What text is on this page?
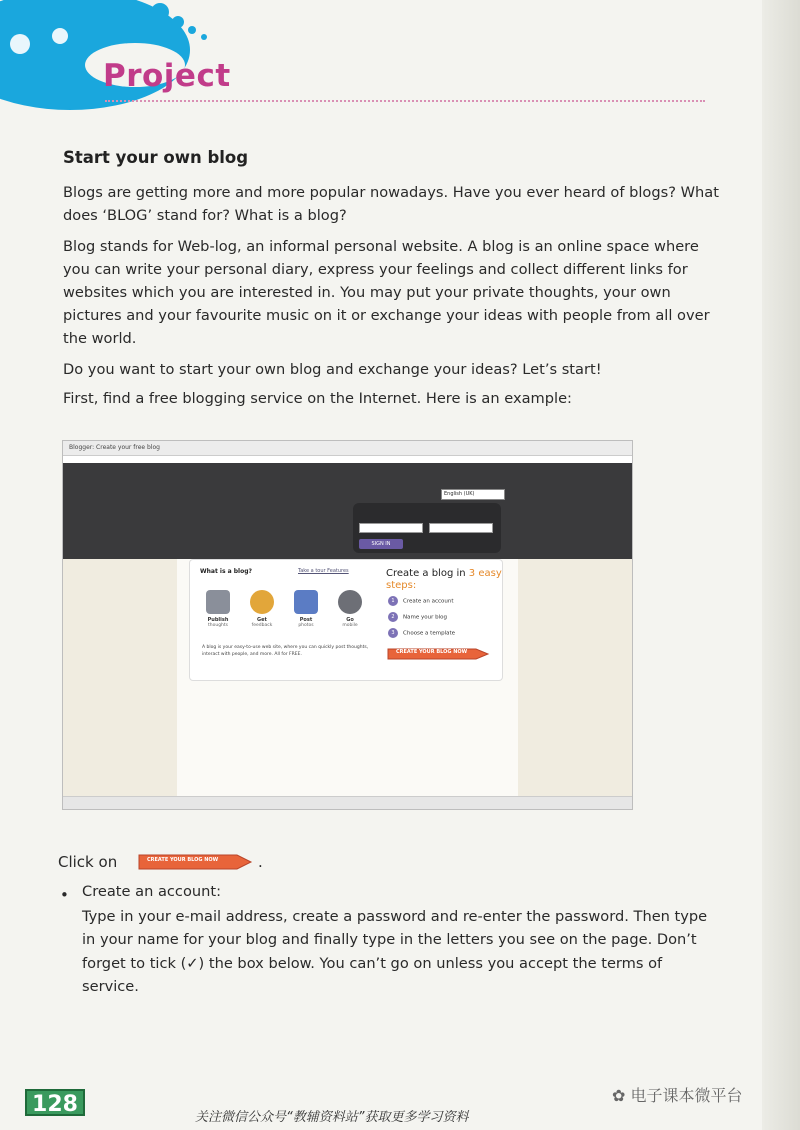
Project
Start your own blog
Blogs are getting more and more popular nowadays. Have you ever heard of blogs? What does ‘BLOG’ stand for? What is a blog?
Blog stands for Web-log, an informal personal website. A blog is an online space where you can write your personal diary, express your feelings and collect different links for websites which you are interested in. You may put your private thoughts, your own pictures and your favourite music on it or exchange your ideas with people from all over the world.
Do you want to start your own blog and exchange your ideas? Let’s start!
First, find a free blogging service on the Internet. Here is an example:
Blogger: Create your free blog
English (UK)
SIGN IN
What is a blog?	Take a tour Features
Publish
thoughts
Get
feedback
Post
photos
Go
mobile
A blog is your easy-to-use web site, where you can quickly post thoughts, interact with people, and more. All for FREE.
Create a blog in 3 easy steps:
1 Create an account
2 Name your blog
3 Choose a template
CREATE YOUR BLOG NOW
Click on	CREATE YOUR BLOG NOW	.
• Create an account:
Type in your e-mail address, create a password and re-enter the password. Then type in your name for your blog and finally type in the letters you see on the page. Don’t forget to tick (✓) the box below. You can’t go on unless you accept the terms of service.
128	✿ 电子课本微平台
关注微信公众号“教辅资料站”获取更多学习资料
